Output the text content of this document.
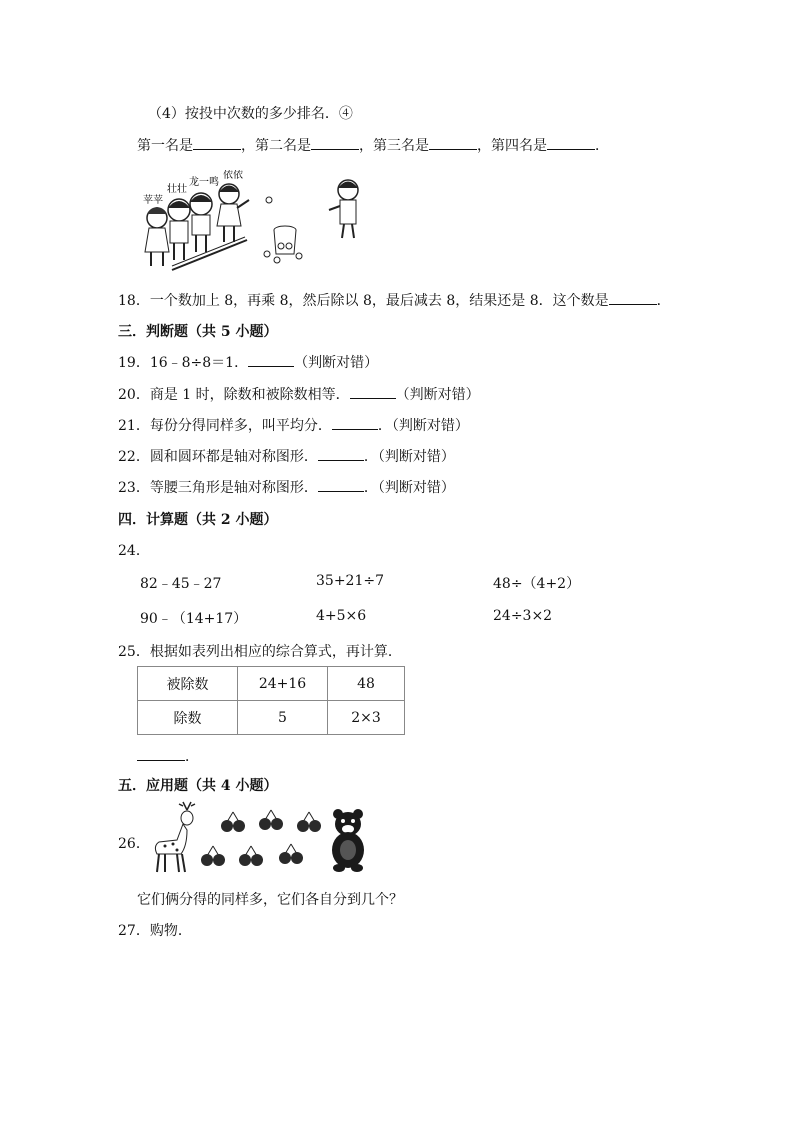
（4）按投中次数的多少排名．④
第一名是	，第二名是	，第三名是	，第四名是	．
苹苹
壮壮
龙一鸣
依依
18．一个数加上 8，再乘 8，然后除以 8，最后减去 8，结果还是 8．这个数是	．
三．判断题（共 5 小题）
19．16﹣8÷8＝1．	（判断对错）
20．商是 1 时，除数和被除数相等．	（判断对错）
21．每份分得同样多，叫平均分．	．（判断对错）
22．圆和圆环都是轴对称图形．	．（判断对错）
23．等腰三角形是轴对称图形．	．（判断对错）
四．计算题（共 2 小题）
24．
82﹣45﹣27	35+21÷7	48÷（4+2）
90﹣（14+17）	4+5×6	24÷3×2
25．根据如表列出相应的综合算式，再计算．
被除数	24+16	48
除数	5	2×3
．
五．应用题（共 4 小题）
26．
它们俩分得的同样多，它们各自分到几个？
27．购物．
